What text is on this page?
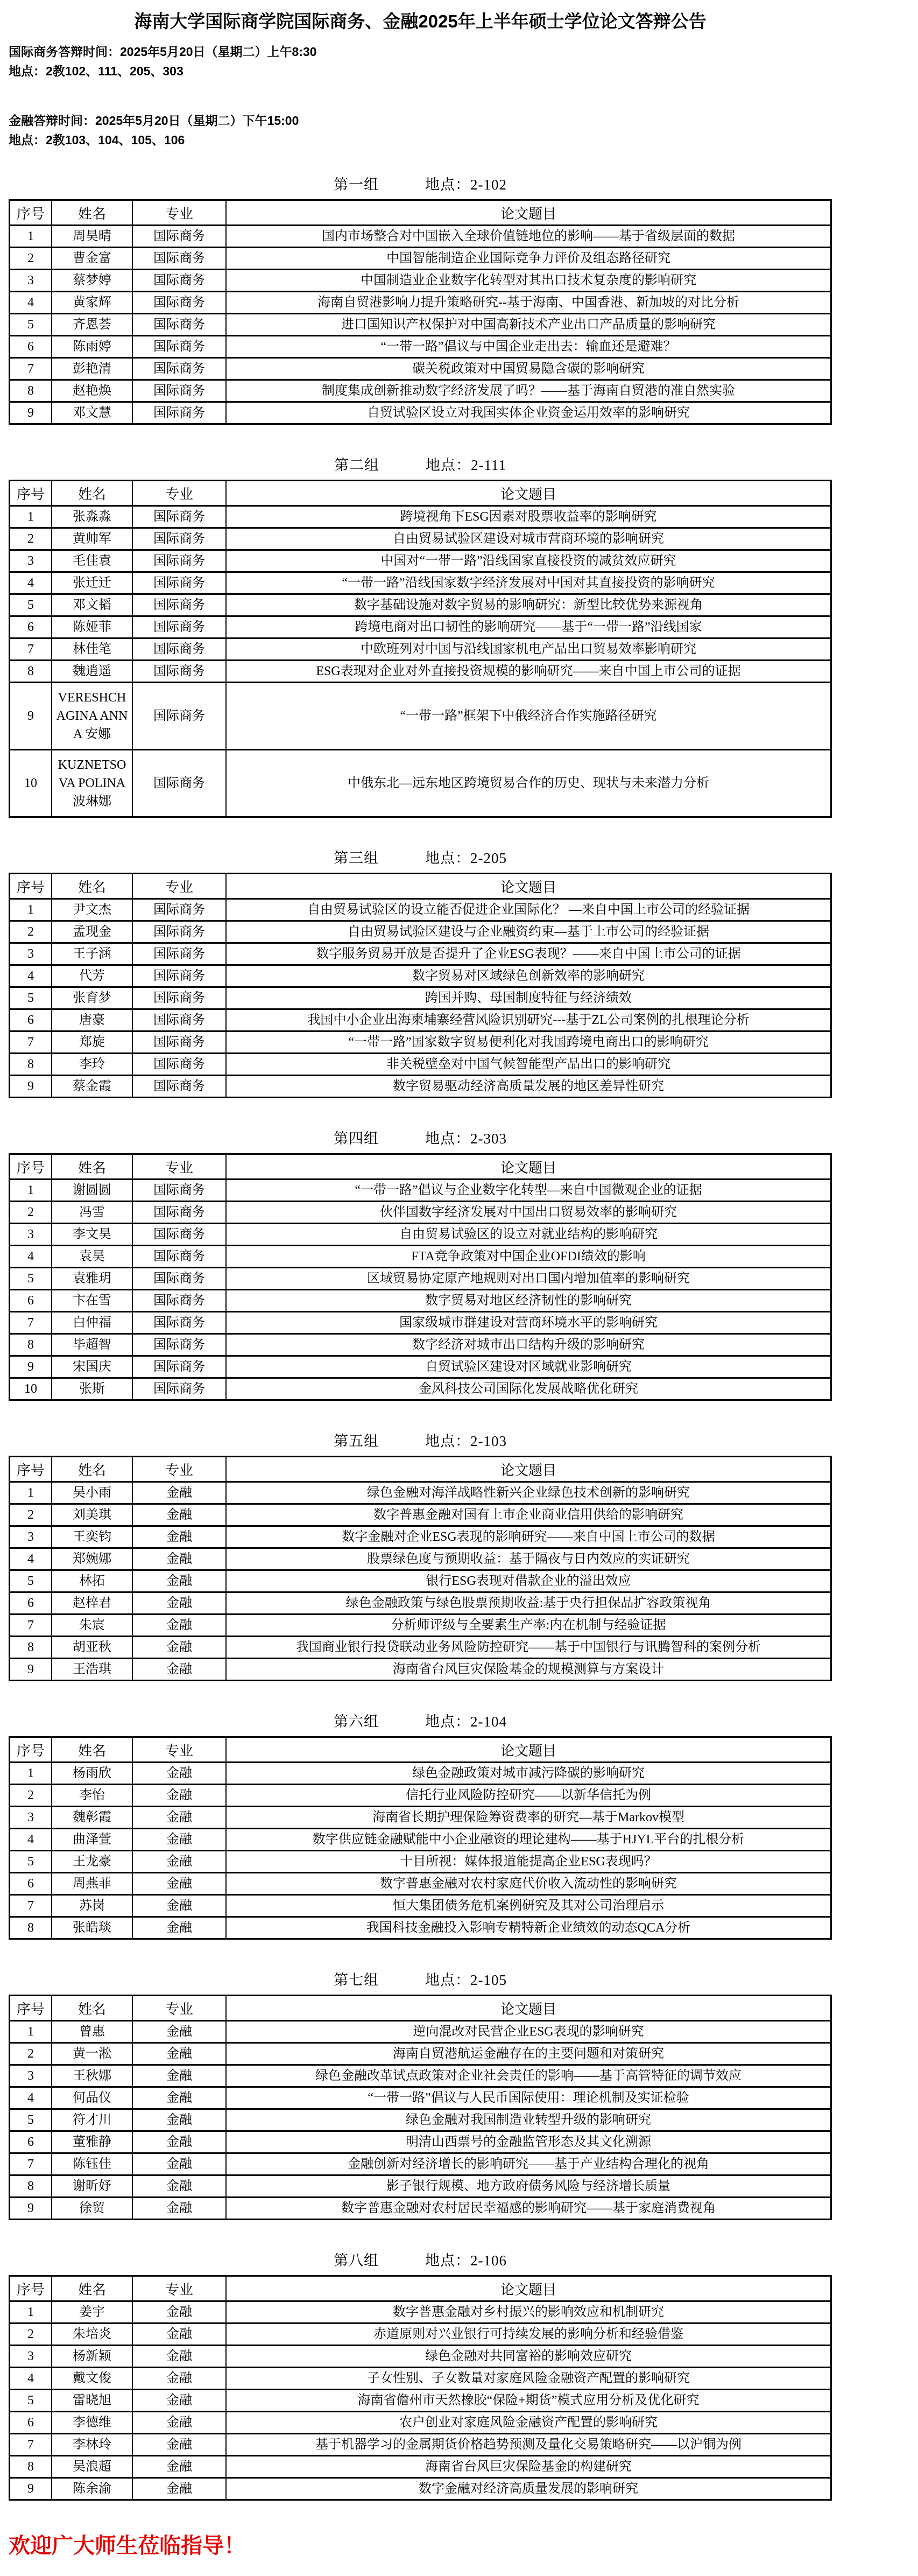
海南大学国际商学院国际商务、金融2025年上半年硕士学位论文答辩公告
国际商务答辩时间：2025年5月20日（星期二）上午8:30
地点：2教102、111、205、303
金融答辩时间：2025年5月20日（星期二）下午15:00
地点：2教103、104、105、106
第一组	地点：2-102
序号	姓名	专业	论文题目
1	周昊晴	国际商务	国内市场整合对中国嵌入全球价值链地位的影响——基于省级层面的数据
2	曹金富	国际商务	中国智能制造企业国际竞争力评价及组态路径研究
3	蔡梦婷	国际商务	中国制造业企业数字化转型对其出口技术复杂度的影响研究
4	黄家辉	国际商务	海南自贸港影响力提升策略研究--基于海南、中国香港、新加坡的对比分析
5	齐恩荟	国际商务	进口国知识产权保护对中国高新技术产业出口产品质量的影响研究
6	陈雨婷	国际商务	“一带一路”倡议与中国企业走出去：输血还是避难？
7	彭艳清	国际商务	碳关税政策对中国贸易隐含碳的影响研究
8	赵艳焕	国际商务	制度集成创新推动数字经济发展了吗？——基于海南自贸港的准自然实验
9	邓文慧	国际商务	自贸试验区设立对我国实体企业资金运用效率的影响研究
第二组	地点：2-111
序号	姓名	专业	论文题目
1	张淼淼	国际商务	跨境视角下ESG因素对股票收益率的影响研究
2	黄帅军	国际商务	自由贸易试验区建设对城市营商环境的影响研究
3	毛佳袁	国际商务	中国对“一带一路”沿线国家直接投资的减贫效应研究
4	张迁迁	国际商务	“一带一路”沿线国家数字经济发展对中国对其直接投资的影响研究
5	邓文韬	国际商务	数字基础设施对数字贸易的影响研究：新型比较优势来源视角
6	陈娅菲	国际商务	跨境电商对出口韧性的影响研究——基于“一带一路”沿线国家
7	林佳笔	国际商务	中欧班列对中国与沿线国家机电产品出口贸易效率影响研究
8	魏逍遥	国际商务	ESG表现对企业对外直接投资规模的影响研究——来自中国上市公司的证据
9	VERESHCHAGINA ANNA 安娜	国际商务	“一带一路”框架下中俄经济合作实施路径研究
10	KUZNETSOVA POLINA 波琳娜	国际商务	中俄东北—远东地区跨境贸易合作的历史、现状与未来潜力分析
第三组	地点：2-205
序号	姓名	专业	论文题目
1	尹文杰	国际商务	自由贸易试验区的设立能否促进企业国际化？ —来自中国上市公司的经验证据
2	孟现金	国际商务	自由贸易试验区建设与企业融资约束—基于上市公司的经验证据
3	王子涵	国际商务	数字服务贸易开放是否提升了企业ESG表现？——来自中国上市公司的证据
4	代芳	国际商务	数字贸易对区域绿色创新效率的影响研究
5	张育梦	国际商务	跨国并购、母国制度特征与经济绩效
6	唐豪	国际商务	我国中小企业出海柬埔寨经营风险识别研究---基于ZL公司案例的扎根理论分析
7	郑旋	国际商务	“一带一路”国家数字贸易便利化对我国跨境电商出口的影响研究
8	李玲	国际商务	非关税壁垒对中国气候智能型产品出口的影响研究
9	蔡金霞	国际商务	数字贸易驱动经济高质量发展的地区差异性研究
第四组	地点：2-303
序号	姓名	专业	论文题目
1	谢圆圆	国际商务	“一带一路”倡议与企业数字化转型—来自中国微观企业的证据
2	冯雪	国际商务	伙伴国数字经济发展对中国出口贸易效率的影响研究
3	李文昊	国际商务	自由贸易试验区的设立对就业结构的影响研究
4	袁昊	国际商务	FTA竞争政策对中国企业OFDI绩效的影响
5	袁雅玥	国际商务	区域贸易协定原产地规则对出口国内增加值率的影响研究
6	卞在雪	国际商务	数字贸易对地区经济韧性的影响研究
7	白仲福	国际商务	国家级城市群建设对营商环境水平的影响研究
8	毕超智	国际商务	数字经济对城市出口结构升级的影响研究
9	宋国庆	国际商务	自贸试验区建设对区域就业影响研究
10	张斯	国际商务	金风科技公司国际化发展战略优化研究
第五组	地点：2-103
序号	姓名	专业	论文题目
1	吴小雨	金融	绿色金融对海洋战略性新兴企业绿色技术创新的影响研究
2	刘美琪	金融	数字普惠金融对国有上市企业商业信用供给的影响研究
3	王奕钧	金融	数字金融对企业ESG表现的影响研究——来自中国上市公司的数据
4	郑婉娜	金融	股票绿色度与预期收益：基于隔夜与日内效应的实证研究
5	林拓	金融	银行ESG表现对借款企业的溢出效应
6	赵梓君	金融	绿色金融政策与绿色股票预期收益:基于央行担保品扩容政策视角
7	朱宸	金融	分析师评级与全要素生产率:内在机制与经验证据
8	胡亚秋	金融	我国商业银行投贷联动业务风险防控研究——基于中国银行与讯腾智科的案例分析
9	王浩琪	金融	海南省台风巨灾保险基金的规模测算与方案设计
第六组	地点：2-104
序号	姓名	专业	论文题目
1	杨雨欣	金融	绿色金融政策对城市减污降碳的影响研究
2	李怡	金融	信托行业风险防控研究——以新华信托为例
3	魏彰霞	金融	海南省长期护理保险筹资费率的研究—基于Markov模型
4	曲泽萱	金融	数字供应链金融赋能中小企业融资的理论建构——基于HJYL平台的扎根分析
5	王龙豪	金融	十目所视：媒体报道能提高企业ESG表现吗？
6	周燕菲	金融	数字普惠金融对农村家庭代价收入流动性的影响研究
7	苏岗	金融	恒大集团债务危机案例研究及其对公司治理启示
8	张皓琰	金融	我国科技金融投入影响专精特新企业绩效的动态QCA分析
第七组	地点：2-105
序号	姓名	专业	论文题目
1	曾惠	金融	逆向混改对民营企业ESG表现的影响研究
2	黄一淞	金融	海南自贸港航运金融存在的主要问题和对策研究
3	王秋娜	金融	绿色金融改革试点政策对企业社会责任的影响——基于高管特征的调节效应
4	何品仪	金融	“一带一路”倡议与人民币国际使用：理论机制及实证检验
5	符才川	金融	绿色金融对我国制造业转型升级的影响研究
6	董雅静	金融	明清山西票号的金融监管形态及其文化溯源
7	陈钰佳	金融	金融创新对经济增长的影响研究——基于产业结构合理化的视角
8	谢昕妤	金融	影子银行规模、地方政府债务风险与经济增长质量
9	徐贸	金融	数字普惠金融对农村居民幸福感的影响研究——基于家庭消费视角
第八组	地点：2-106
序号	姓名	专业	论文题目
1	姜宇	金融	数字普惠金融对乡村振兴的影响效应和机制研究
2	朱培炎	金融	赤道原则对兴业银行可持续发展的影响分析和经验借鉴
3	杨新颖	金融	绿色金融对共同富裕的影响效应研究
4	戴文俊	金融	子女性别、子女数量对家庭风险金融资产配置的影响研究
5	雷晓旭	金融	海南省儋州市天然橡胶“保险+期货”模式应用分析及优化研究
6	李德维	金融	农户创业对家庭风险金融资产配置的影响研究
7	李林玲	金融	基于机器学习的金属期货价格趋势预测及量化交易策略研究——以沪铜为例
8	吴浪超	金融	海南省台风巨灾保险基金的构建研究
9	陈余渝	金融	数字金融对经济高质量发展的影响研究
欢迎广大师生莅临指导！
